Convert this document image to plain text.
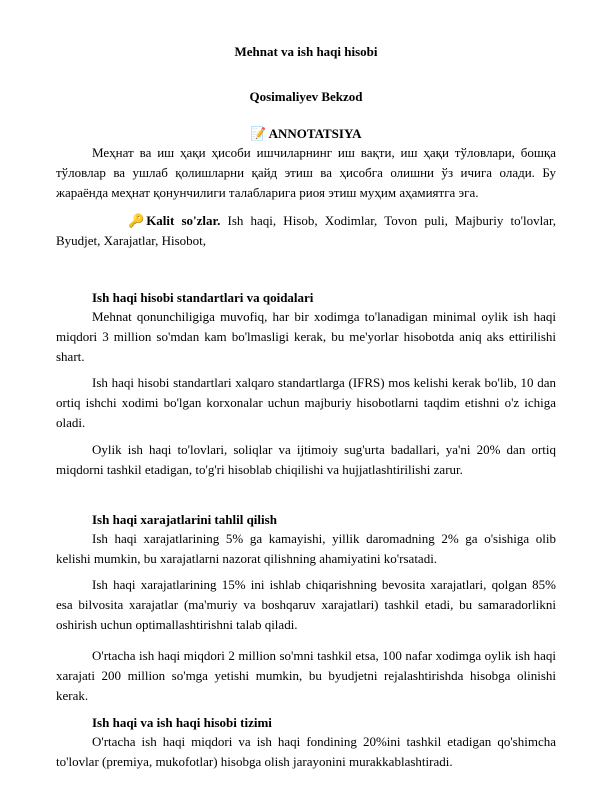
Mehnat va ish haqi hisobi
Qosimaliyev Bekzod
📝 ANNOTATSIYA
Меҳнат ва иш ҳақи ҳисоби ишчиларнинг иш вақти, иш ҳақи тўловлари, бошқа тўловлар ва ушлаб қолишларни қайд этиш ва ҳисобга олишни ўз ичига олади. Бу жараёнда меҳнат қонунчилиги талабларига риоя этиш муҳим аҳамиятга эга.
🔑 Kalit so'zlar. Ish haqi, Hisob, Xodimlar, Tovon puli, Majburiy to'lovlar, Byudjet, Xarajatlar, Hisobot,
Ish haqi hisobi standartlari va qoidalari
Mehnat qonunchiligiga muvofiq, har bir xodimga to'lanadigan minimal oylik ish haqi miqdori 3 million so'mdan kam bo'lmasligi kerak, bu me'yorlar hisobotda aniq aks ettirilishi shart.
Ish haqi hisobi standartlari xalqaro standartlarga (IFRS) mos kelishi kerak bo'lib, 10 dan ortiq ishchi xodimi bo'lgan korxonalar uchun majburiy hisobotlarni taqdim etishni o'z ichiga oladi.
Oylik ish haqi to'lovlari, soliqlar va ijtimoiy sug'urta badallari, ya'ni 20% dan ortiq miqdorni tashkil etadigan, to'g'ri hisoblab chiqilishi va hujjatlashtirilishi zarur.
Ish haqi xarajatlarini tahlil qilish
Ish haqi xarajatlarining 5% ga kamayishi, yillik daromadning 2% ga o'sishiga olib kelishi mumkin, bu xarajatlarni nazorat qilishning ahamiyatini ko'rsatadi.
Ish haqi xarajatlarining 15% ini ishlab chiqarishning bevosita xarajatlari, qolgan 85% esa bilvosita xarajatlar (ma'muriy va boshqaruv xarajatlari) tashkil etadi, bu samaradorlikni oshirish uchun optimallashtirishni talab qiladi.
O'rtacha ish haqi miqdori 2 million so'mni tashkil etsa, 100 nafar xodimga oylik ish haqi xarajati 200 million so'mga yetishi mumkin, bu byudjetni rejalashtirishda hisobga olinishi kerak.
Ish haqi va ish haqi hisobi tizimi
O'rtacha ish haqi miqdori va ish haqi fondining 20%ini tashkil etadigan qo'shimcha to'lovlar (premiya, mukofotlar) hisobga olish jarayonini murakkablashtiradi.
